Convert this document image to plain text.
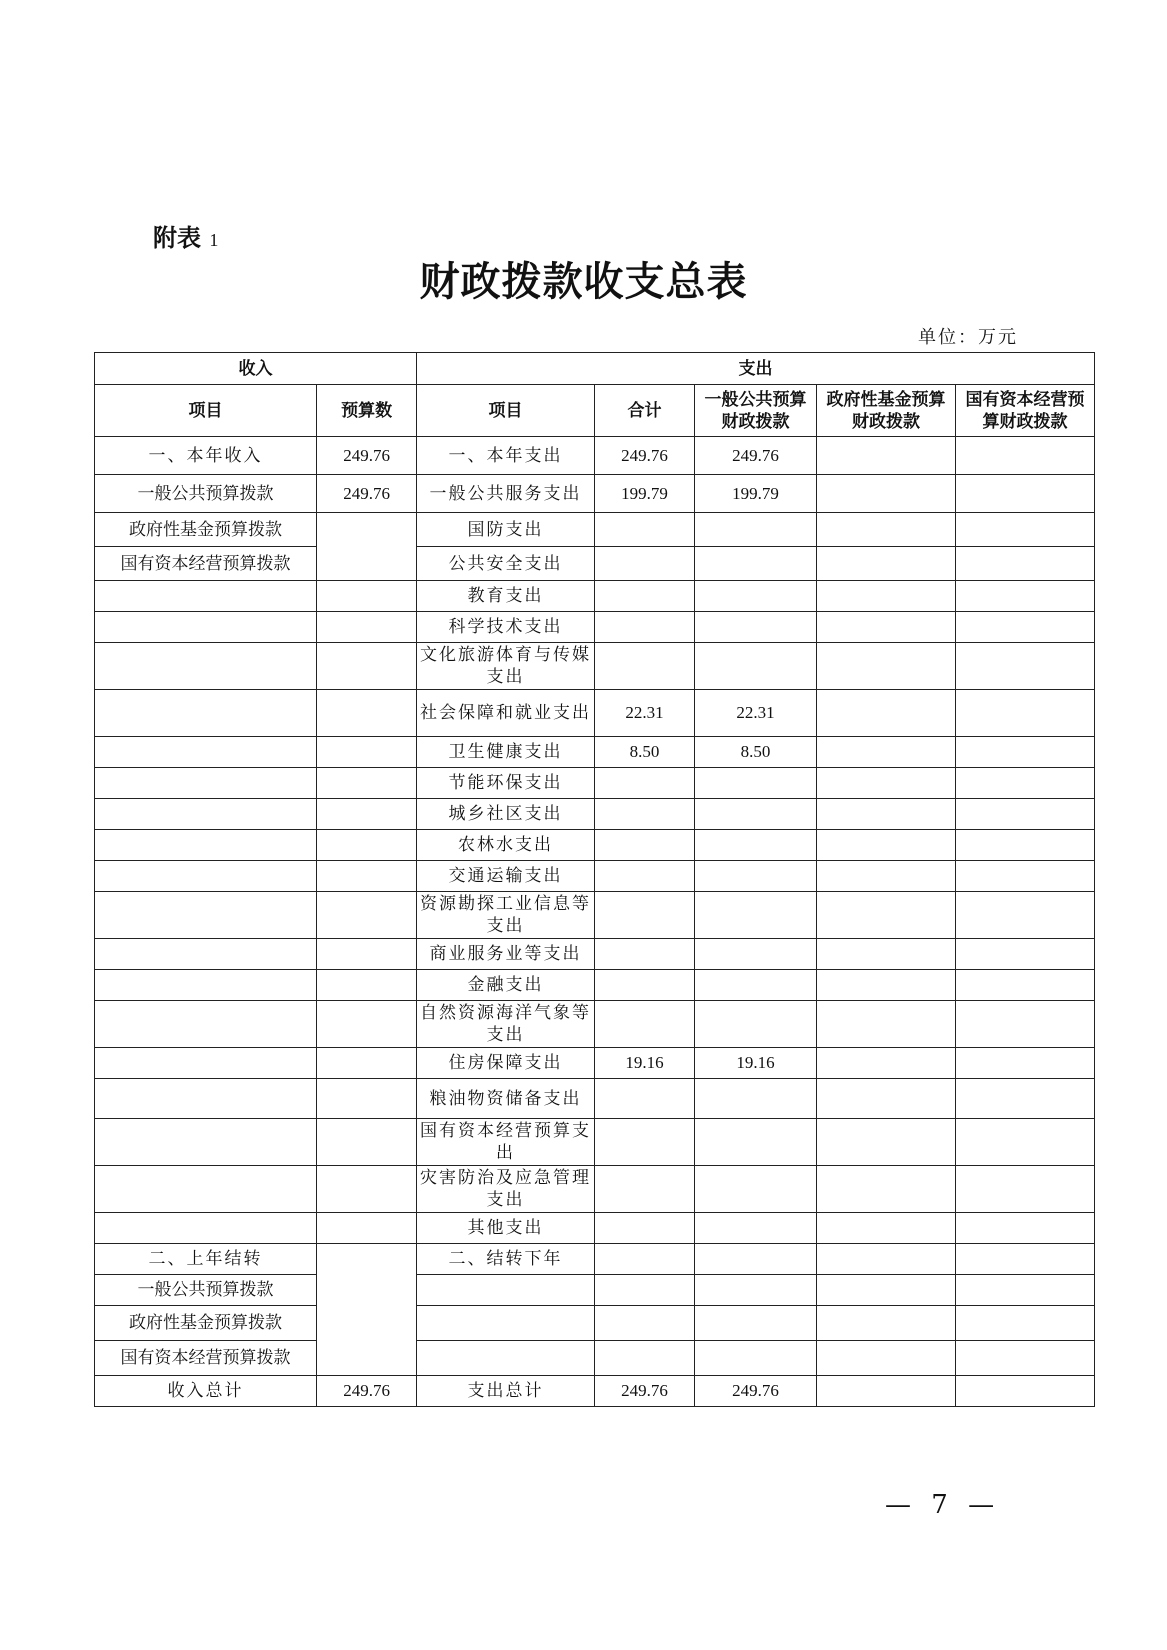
附表 1
财政拨款收支总表
单位：万元
收入		支出				
项目	预算数	项目	合计	一般公共预算财政拨款	政府性基金预算财政拨款	国有资本经营预算财政拨款
一、本年收入	249.76	一、本年支出	249.76	249.76		
一般公共预算拨款	249.76	一般公共服务支出	199.79	199.79		
政府性基金预算拨款		国防支出				
国有资本经营预算拨款		公共安全支出				
		教育支出				
		科学技术支出				
		文化旅游体育与传媒支出				
		社会保障和就业支出	22.31	22.31		
		卫生健康支出	8.50	8.50		
		节能环保支出				
		城乡社区支出				
		农林水支出				
		交通运输支出				
		资源勘探工业信息等支出				
		商业服务业等支出				
		金融支出				
		自然资源海洋气象等支出				
		住房保障支出	19.16	19.16		
		粮油物资储备支出				
		国有资本经营预算支出				
		灾害防治及应急管理支出				
		其他支出				
二、上年结转		二、结转下年				
一般公共预算拨款						
政府性基金预算拨款						
国有资本经营预算拨款						
收入总计	249.76	支出总计	249.76	249.76		
— 7 —
